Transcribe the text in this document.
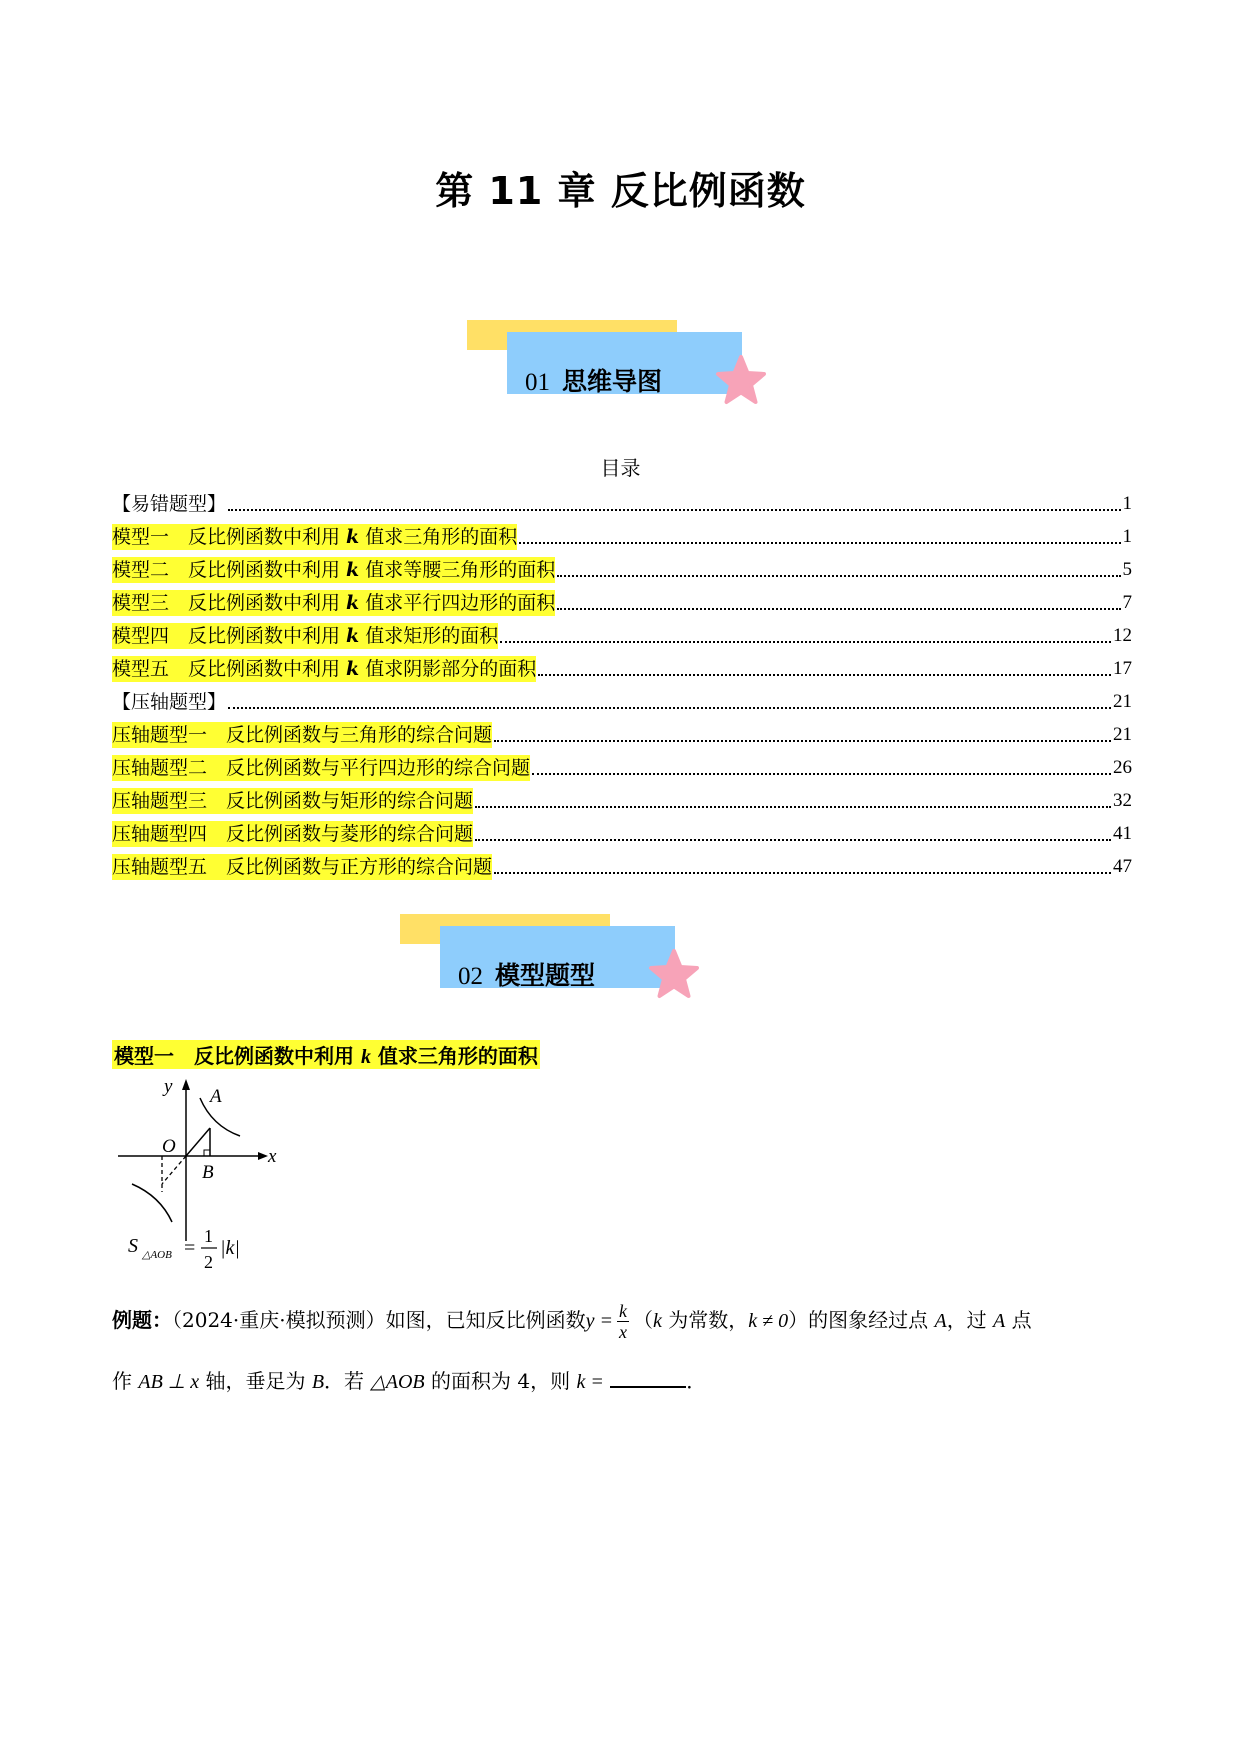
第 11 章 反比例函数
01 思维导图
目录
【易错题型】	1
模型一　反比例函数中利用 k 值求三角形的面积	1
模型二　反比例函数中利用 k 值求等腰三角形的面积	5
模型三　反比例函数中利用 k 值求平行四边形的面积	7
模型四　反比例函数中利用 k 值求矩形的面积	12
模型五　反比例函数中利用 k 值求阴影部分的面积	17
【压轴题型】	21
压轴题型一　反比例函数与三角形的综合问题	21
压轴题型二　反比例函数与平行四边形的综合问题	26
压轴题型三　反比例函数与矩形的综合问题	32
压轴题型四　反比例函数与菱形的综合问题	41
压轴题型五　反比例函数与正方形的综合问题	47
02 模型题型
模型一　反比例函数中利用 k 值求三角形的面积
y A
O
B
x
S △AOB =
1
2
|k|
例题：（2024·重庆·模拟预测）如图，已知反比例函数$y = \frac{k}{x} (k$ 为常数，k ≠ 0）的图象经过点 A，过 A 点
作 AB ⊥ x 轴，垂足为 B．若 △AOB 的面积为 4，则 k =	．
